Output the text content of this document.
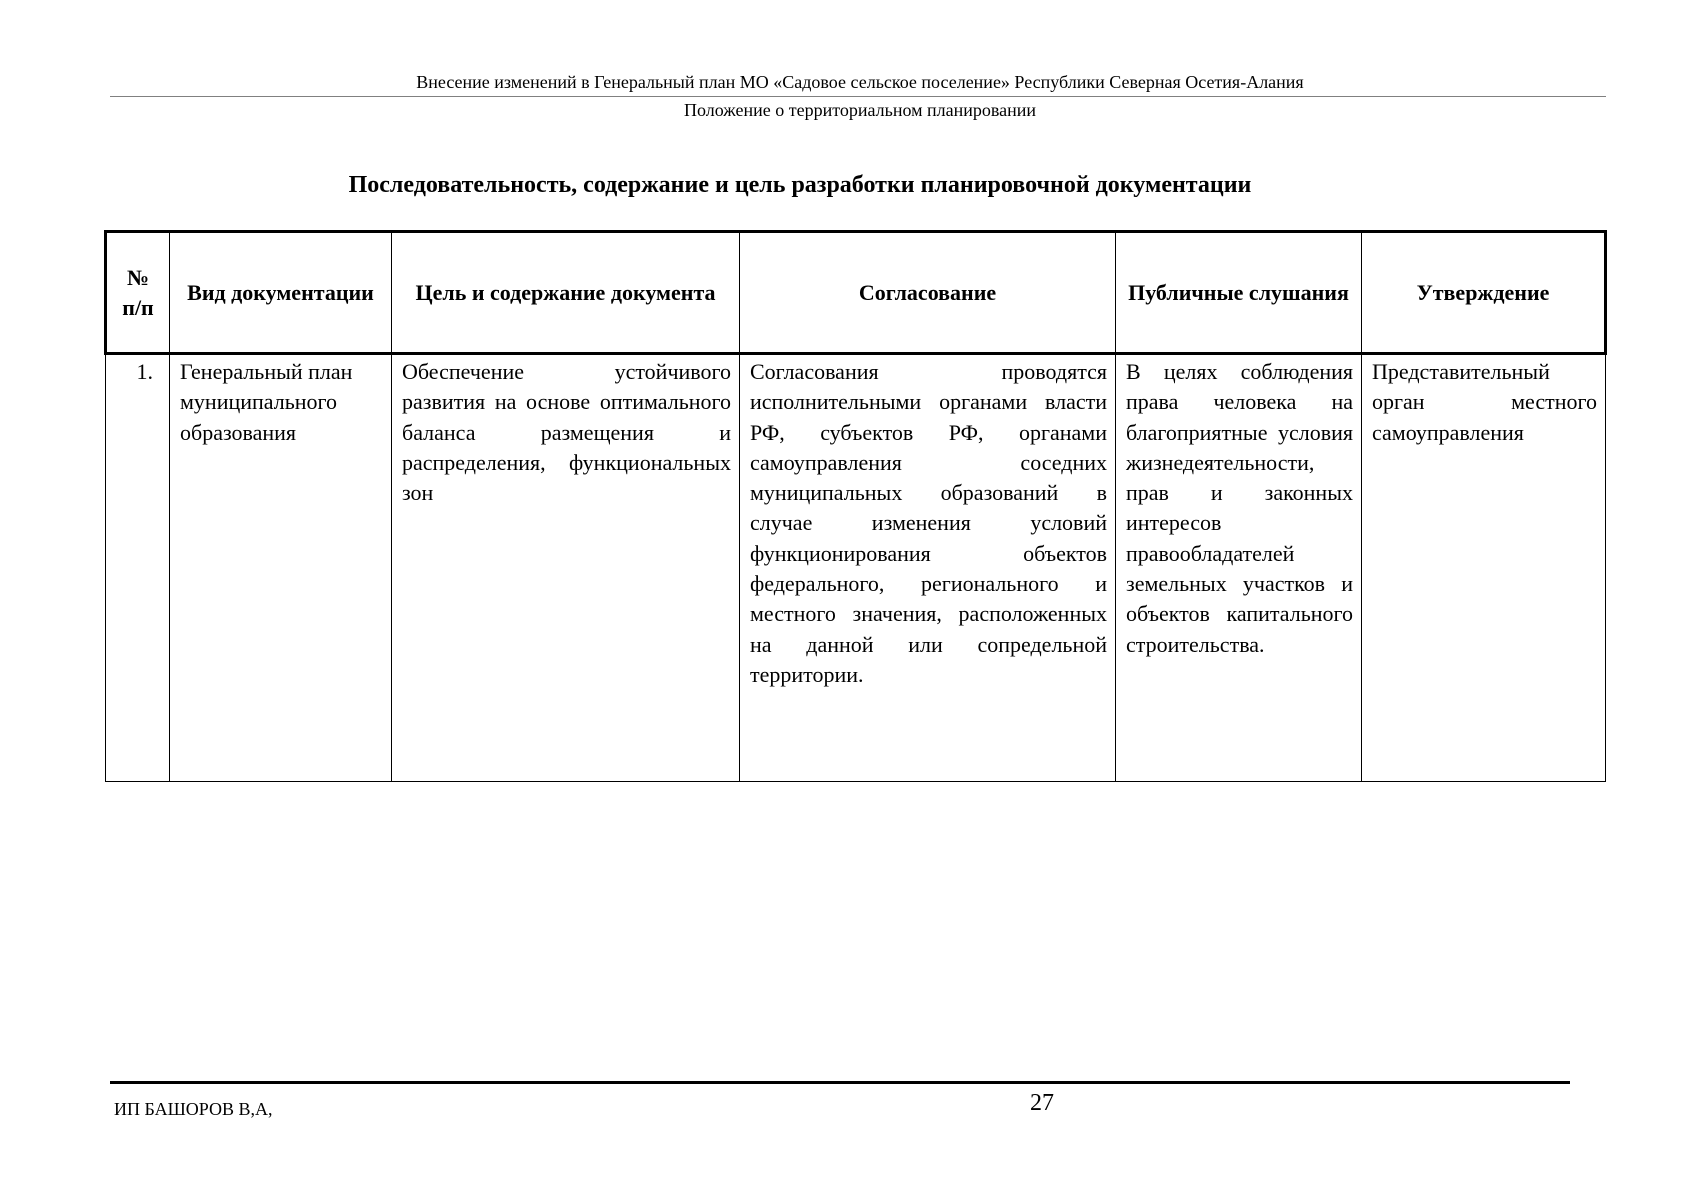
Внесение изменений в Генеральный план МО «Садовое сельское поселение» Республики Северная Осетия-Алания
Положение о территориальном планировании
Последовательность, содержание и цель разработки планировочной документации
№ п/п	Вид документации	Цель и содержание документа	Согласование	Публичные слушания	Утверждение
1.	Генеральный план муниципального образования	Обеспечение устойчивого развития на основе оптимального баланса размещения и распределения, функциональных зон	Согласования проводятся исполнительными органами власти РФ, субъектов РФ, органами самоуправления соседних муниципальных образований в случае изменения условий функционирования объектов федерального, регионального и местного значения, расположенных на данной или сопредельной территории.	В целях соблюдения права человека на благоприятные условия жизнедеятельности, прав и законных интересов правообладателей земельных участков и объектов капитального строительства.	Представительный орган местного самоуправления
ИП БАШОРОВ В,А,	27
